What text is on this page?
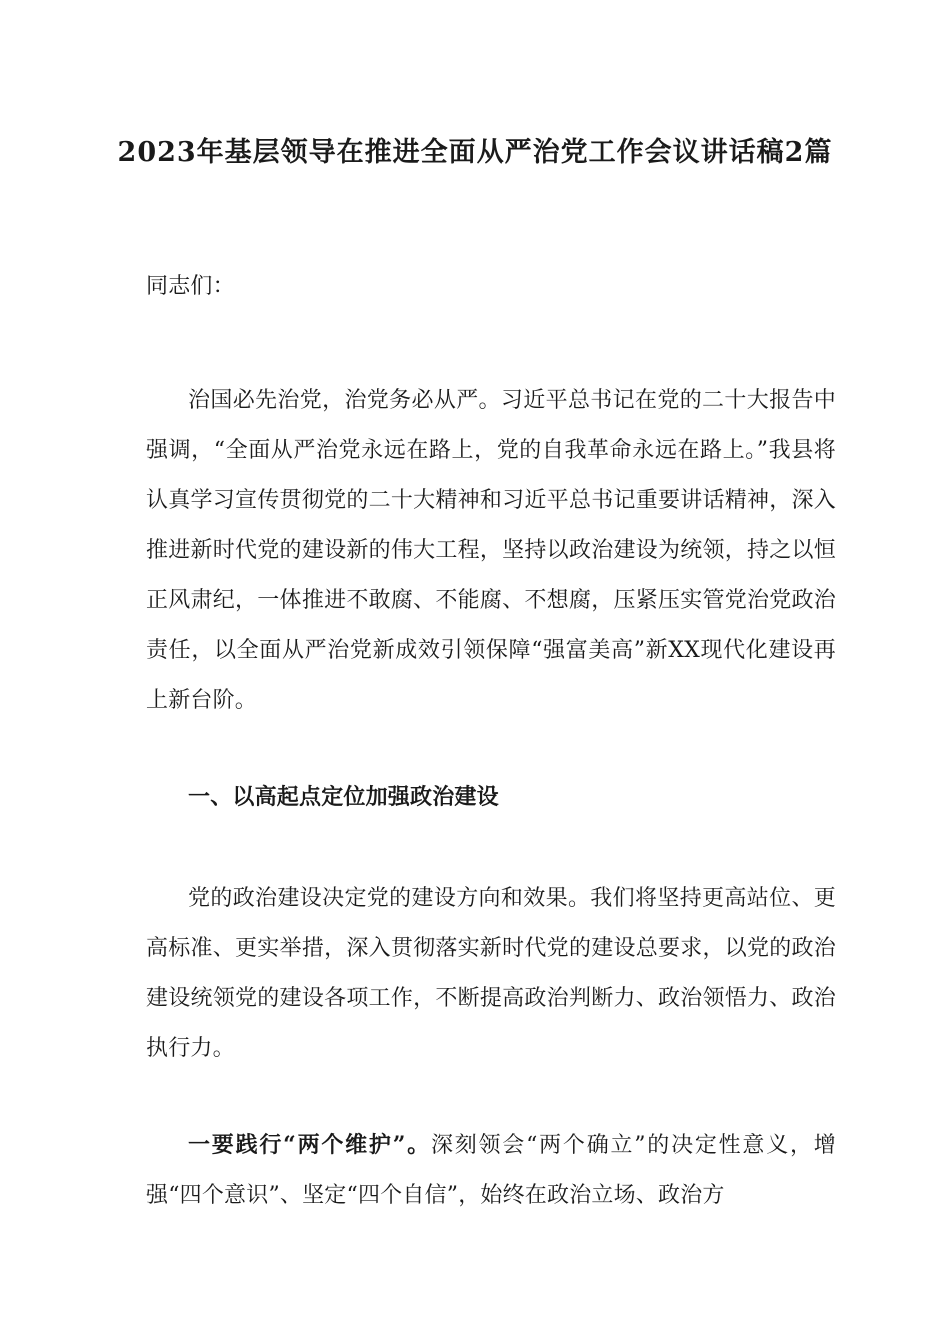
2023年基层领导在推进全面从严治党工作会议讲话稿2篇

同志们：

治国必先治党，治党务必从严。习近平总书记在党的二十大报告中强调，“全面从严治党永远在路上，党的自我革命永远在路上。”我县将认真学习宣传贯彻党的二十大精神和习近平总书记重要讲话精神，深入推进新时代党的建设新的伟大工程，坚持以政治建设为统领，持之以恒正风肃纪，一体推进不敢腐、不能腐、不想腐，压紧压实管党治党政治责任，以全面从严治党新成效引领保障“强富美高”新XX现代化建设再上新台阶。

一、以高起点定位加强政治建设

党的政治建设决定党的建设方向和效果。我们将坚持更高站位、更高标准、更实举措，深入贯彻落实新时代党的建设总要求，以党的政治建设统领党的建设各项工作，不断提高政治判断力、政治领悟力、政治执行力。

一要践行“两个维护”。深刻领会“两个确立”的决定性意义，增强“四个意识”、坚定“四个自信”，始终在政治立场、政治方
